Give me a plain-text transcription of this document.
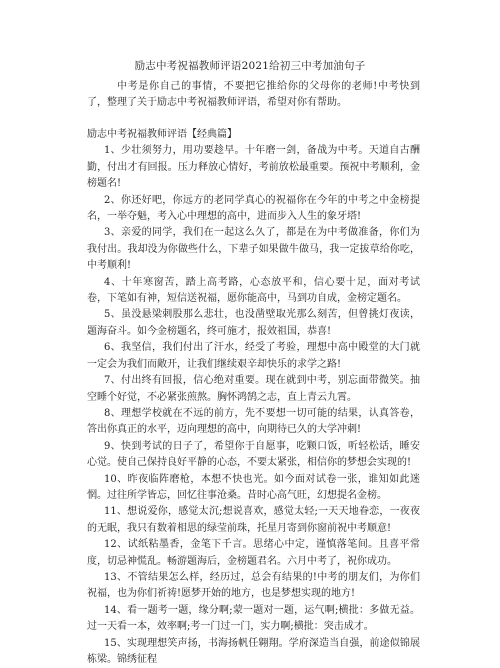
励志中考祝福教师评语2021给初三中考加油句子
中考是你自己的事情，不要把它推给你的父母你的老师!中考快到了，整理了关于励志中考祝福教师评语，希望对你有帮助。

励志中考祝福教师评语【经典篇】

1、少壮须努力，用功要趁早。十年磨一剑，备战为中考。天道自古酬勤，付出才有回报。压力释放心情好，考前放松最重要。预祝中考顺利，金榜题名!

2、你还好吧，你远方的老同学真心的祝福你在今年的中考之中金榜提名，一举夺魁，考入心中理想的高中，进而步入人生的象牙塔!

3、亲爱的同学，我们在一起这么久了，都是在为中考做准备，你们为我付出。我却没为你做些什么，下辈子如果做牛做马，我一定拔草给你吃，中考顺利!

4、十年寒窗苦，踏上高考路，心态放平和，信心要十足，面对考试卷，下笔如有神，短信送祝福，愿你能高中，马到功自成，金榜定题名。

5、虽没悬梁刺股那么悲壮，也没凿壁取光那么刻苦，但曾挑灯夜读，题海奋斗。如今金榜题名，终可施才，报效祖国，恭喜!

6、我坚信，我们付出了汗水，经受了考验，理想中高中殿堂的大门就一定会为我们而敞开，让我们继续艰辛却快乐的求学之路!

7、付出终有回报，信心绝对重要。现在就到中考，别忘面带微笑。抽空睡个好觉，不必紧张煎熬。胸怀鸿鹄之志，直上青云九霄。

8、理想学校就在不远的前方，先不要想一切可能的结果，认真答卷，答出你真正的水平，迈向理想的高中，向期待已久的大学冲刺!

9、快到考试的日子了，希望你于自愿事，吃颗口饭，听轻松话，睡安心觉。使自己保持良好平静的心态，不要太紧张，相信你的梦想会实现的!

10、昨夜临阵磨枪，本想不快也光。如今面对试卷一张，谁知如此迷惘。过往所学皆忘，回忆往事沧桑。昔时心高气旺，幻想提名金榜。

11、想说爱你，感觉太沉;想说喜欢，感觉太轻;一天天地眷恋，一夜夜的无眠，我只有数着相思的绿莹前珠，托星月寄到你窗前祝中考顺意!

12、试纸粘墨香，金笔下千言。思绪心中定，谨慎落笔间。且喜平常度，切忌神慌乱。畅游题海后，金榜题君名。六月中考了，祝你成功。

13、不管结果怎么样，经历过，总会有结果的!中考的朋友们，为你们祝福，也为你们祈祷!愿梦开始的地方，也是梦想实现的地方!

14、看一题考一题，缘分啊;蒙一题对一题，运气啊;横批：多做无益。过一天看一本，效率啊;考一门过一门，实力啊;横批：突击成才。

15、实现理想笑声扬，书海扬帆任翱翔。学府深造当自强，前途似锦展栋梁。锦绣征程
